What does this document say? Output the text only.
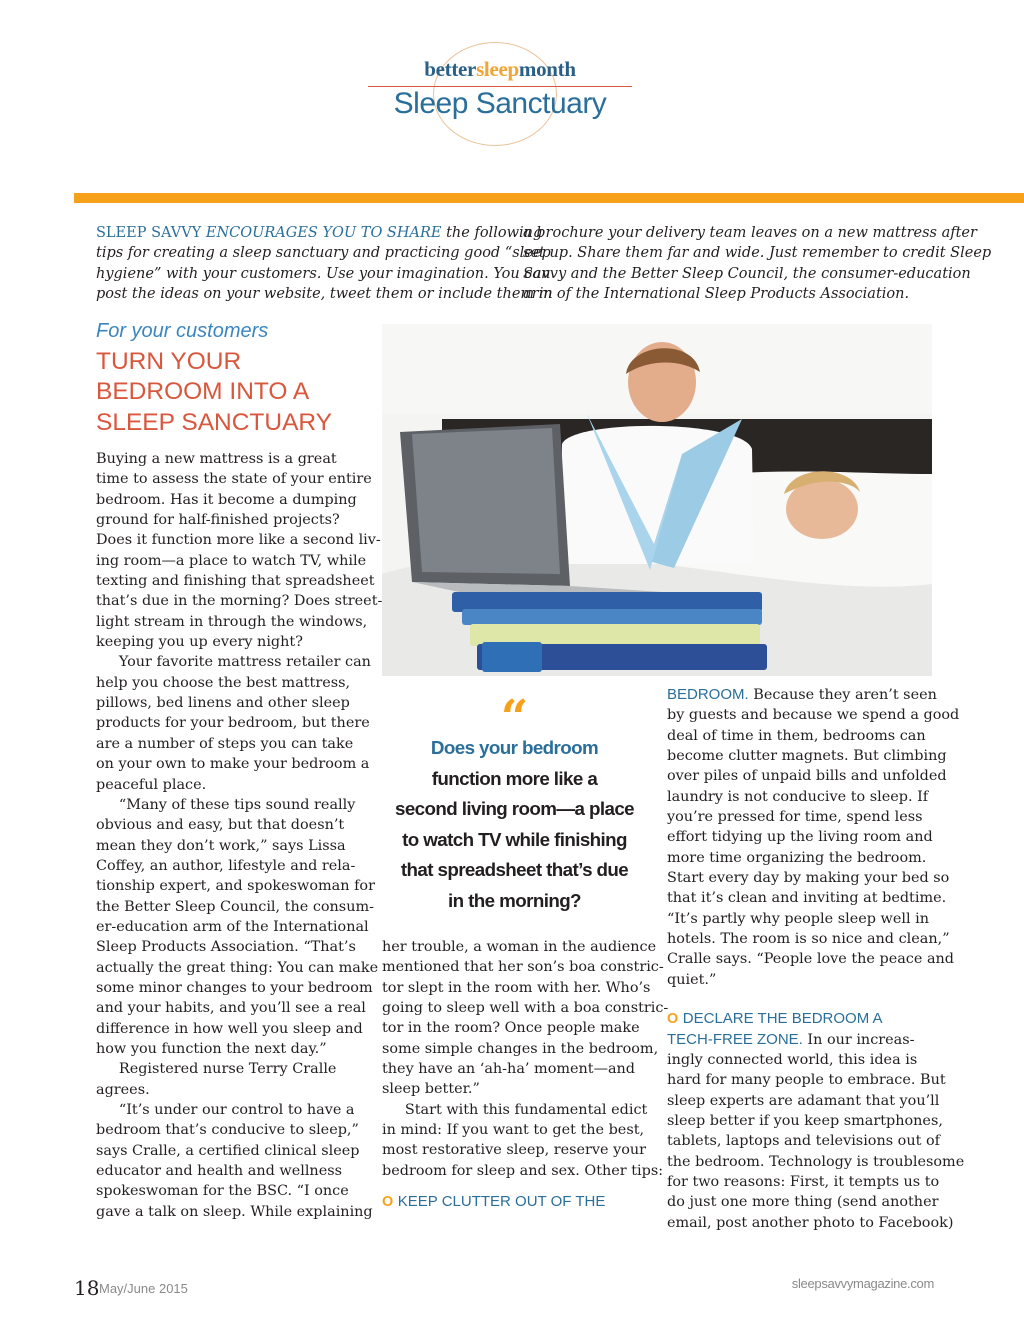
bettersleepmonth
Sleep Sanctuary
SLEEP SAVVY ENCOURAGES YOU TO SHARE the following
tips for creating a sleep sanctuary and practicing good “sleep
hygiene” with your customers. Use your imagination. You can
post the ideas on your website, tweet them or include them in
a brochure your delivery team leaves on a new mattress after
set up. Share them far and wide. Just remember to credit Sleep
Savvy and the Better Sleep Council, the consumer-education
arm of the International Sleep Products Association.
For your customers
TURN YOUR
BEDROOM INTO A
SLEEP SANCTUARY
Buying a new mattress is a great
time to assess the state of your entire
bedroom. Has it become a dumping
ground for half-finished projects?
Does it function more like a second liv-
ing room—a place to watch TV, while
texting and finishing that spreadsheet
that’s due in the morning? Does street-
light stream in through the windows,
keeping you up every night?
Your favorite mattress retailer can
help you choose the best mattress,
pillows, bed linens and other sleep
products for your bedroom, but there
are a number of steps you can take
on your own to make your bedroom a
peaceful place.
“Many of these tips sound really
obvious and easy, but that doesn’t
mean they don’t work,” says Lissa
Coffey, an author, lifestyle and rela-
tionship expert, and spokeswoman for
the Better Sleep Council, the consum-
er-education arm of the International
Sleep Products Association. “That’s
actually the great thing: You can make
some minor changes to your bedroom
and your habits, and you’ll see a real
difference in how well you sleep and
how you function the next day.”
Registered nurse Terry Cralle
agrees.
“It’s under our control to have a
bedroom that’s conducive to sleep,”
says Cralle, a certified clinical sleep
educator and health and wellness
spokeswoman for the BSC. “I once
gave a talk on sleep. While explaining
“
Does your bedroom
function more like a
second living room—a place
to watch TV while finishing
that spreadsheet that’s due
in the morning?
her trouble, a woman in the audience
mentioned that her son’s boa constric-
tor slept in the room with her. Who’s
going to sleep well with a boa constric-
tor in the room? Once people make
some simple changes in the bedroom,
they have an ‘ah-ha’ moment—and
sleep better.”
Start with this fundamental edict
in mind: If you want to get the best,
most restorative sleep, reserve your
bedroom for sleep and sex. Other tips:
O KEEP CLUTTER OUT OF THE
BEDROOM. Because they aren’t seen
by guests and because we spend a good
deal of time in them, bedrooms can
become clutter magnets. But climbing
over piles of unpaid bills and unfolded
laundry is not conducive to sleep. If
you’re pressed for time, spend less
effort tidying up the living room and
more time organizing the bedroom.
Start every day by making your bed so
that it’s clean and inviting at bedtime.
“It’s partly why people sleep well in
hotels. The room is so nice and clean,”
Cralle says. “People love the peace and
quiet.”
O DECLARE THE BEDROOM A
TECH-FREE ZONE. In our increas-
ingly connected world, this idea is
hard for many people to embrace. But
sleep experts are adamant that you’ll
sleep better if you keep smartphones,
tablets, laptops and televisions out of
the bedroom. Technology is troublesome
for two reasons: First, it tempts us to
do just one more thing (send another
email, post another photo to Facebook)
18 May/June 2015	sleepsavvymagazine.com
